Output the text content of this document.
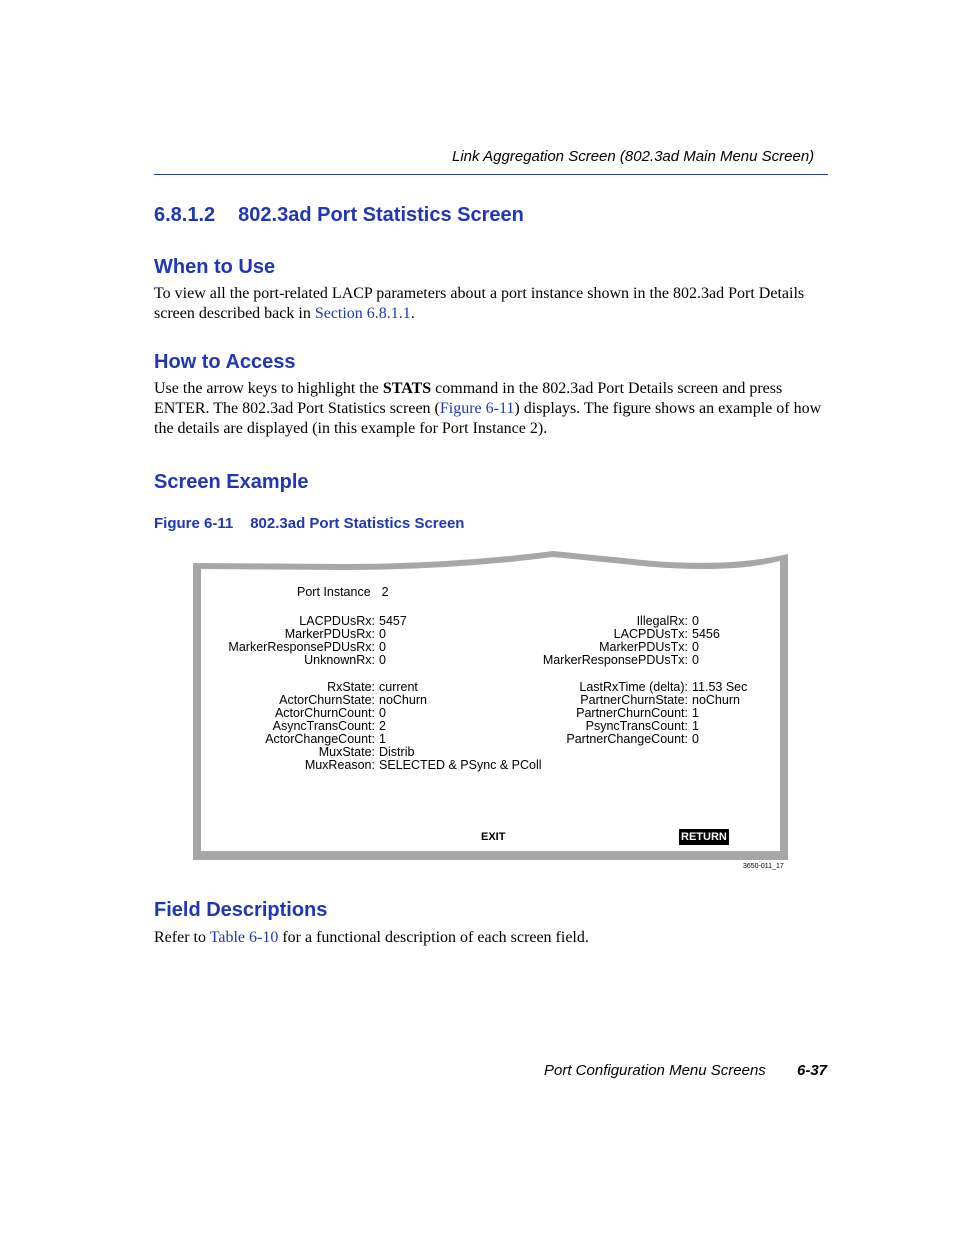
Link Aggregation Screen (802.3ad Main Menu Screen)
6.8.1.2 802.3ad Port Statistics Screen
When to Use
To view all the port-related LACP parameters about a port instance shown in the 802.3ad Port Details screen described back in Section 6.8.1.1.
How to Access
Use the arrow keys to highlight the STATS command in the 802.3ad Port Details screen and press ENTER. The 802.3ad Port Statistics screen (Figure 6-11) displays. The figure shows an example of how the details are displayed (in this example for Port Instance 2).
Screen Example
Figure 6-11 802.3ad Port Statistics Screen
Port Instance 2
LACPDUsRx:
MarkerPDUsRx:
MarkerResponsePDUsRx:
UnknownRx:
5457
0
0
0
IllegalRx:
LACPDUsTx:
MarkerPDUsTx:
MarkerResponsePDUsTx:
0
5456
0
0
RxState:
ActorChurnState:
ActorChurnCount:
AsyncTransCount:
ActorChangeCount:
MuxState:
MuxReason:
current
noChurn
0
2
1
Distrib
SELECTED & PSync & PColl
LastRxTime (delta):
PartnerChurnState:
PartnerChurnCount:
PsyncTransCount:
PartnerChangeCount:
11.53 Sec
noChurn
1
1
0
EXIT	RETURN
3650-011_17
Field Descriptions
Refer to Table 6-10 for a functional description of each screen field.
Port Configuration Menu Screens 6-37
